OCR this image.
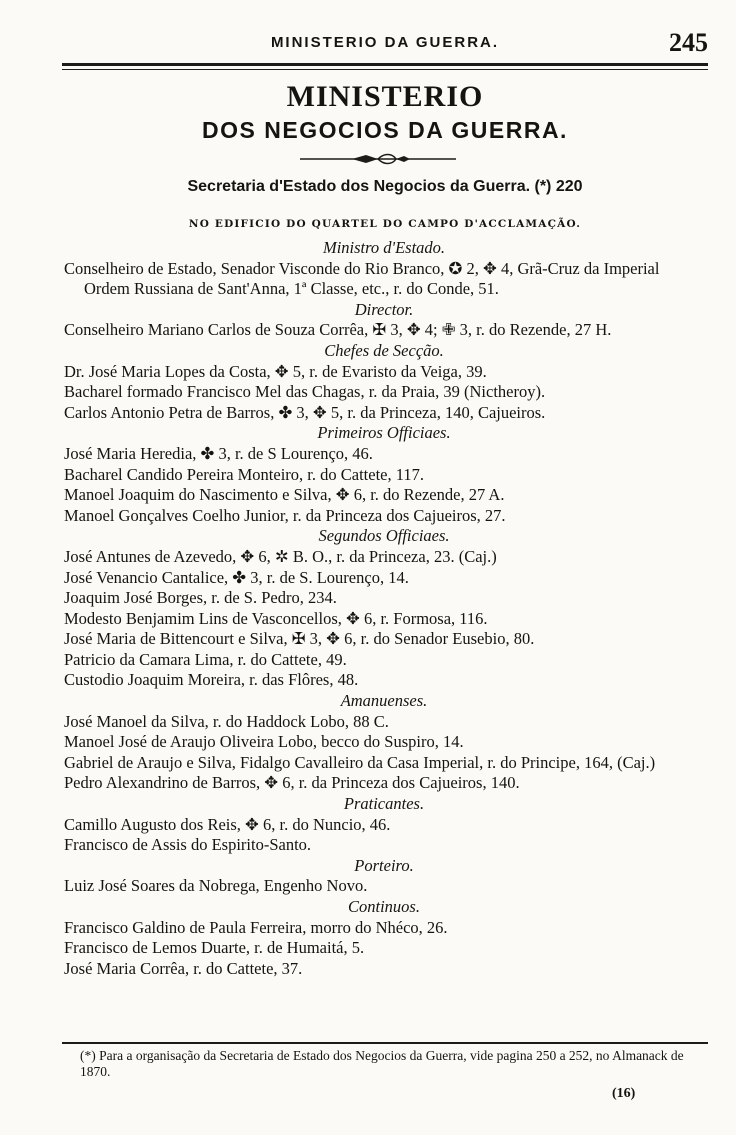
MINISTERIO DA GUERRA.	245
MINISTERIO
DOS NEGOCIOS DA GUERRA.
Secretaria d'Estado dos Negocios da Guerra. (*) 220
NO EDIFICIO DO QUARTEL DO CAMPO D'ACCLAMAÇÃO.
Ministro d'Estado.
Conselheiro de Estado, Senador Visconde do Rio Branco, ✪ 2, ✥ 4, Grã-Cruz da Imperial Ordem Russiana de Sant'Anna, 1ª Classe, etc., r. do Conde, 51.
Director.
Conselheiro Mariano Carlos de Souza Corrêa, ✠ 3, ✥ 4; ✙ 3, r. do Rezende, 27 H.
Chefes de Secção.
Dr. José Maria Lopes da Costa, ✥ 5, r. de Evaristo da Veiga, 39.
Bacharel formado Francisco Mel das Chagas, r. da Praia, 39 (Nictheroy).
Carlos Antonio Petra de Barros, ✤ 3, ✥ 5, r. da Princeza, 140, Cajueiros.
Primeiros Officiaes.
José Maria Heredia, ✤ 3, r. de S Lourenço, 46.
Bacharel Candido Pereira Monteiro, r. do Cattete, 117.
Manoel Joaquim do Nascimento e Silva, ✥ 6, r. do Rezende, 27 A.
Manoel Gonçalves Coelho Junior, r. da Princeza dos Cajueiros, 27.
Segundos Officiaes.
José Antunes de Azevedo, ✥ 6, ✲ B. O., r. da Princeza, 23. (Caj.)
José Venancio Cantalice, ✤ 3, r. de S. Lourenço, 14.
Joaquim José Borges, r. de S. Pedro, 234.
Modesto Benjamim Lins de Vasconcellos, ✥ 6, r. Formosa, 116.
José Maria de Bittencourt e Silva, ✠ 3, ✥ 6, r. do Senador Eusebio, 80.
Patricio da Camara Lima, r. do Cattete, 49.
Custodio Joaquim Moreira, r. das Flôres, 48.
Amanuenses.
José Manoel da Silva, r. do Haddock Lobo, 88 C.
Manoel José de Araujo Oliveira Lobo, becco do Suspiro, 14.
Gabriel de Araujo e Silva, Fidalgo Cavalleiro da Casa Imperial, r. do Principe, 164, (Caj.)
Pedro Alexandrino de Barros, ✥ 6, r. da Princeza dos Cajueiros, 140.
Praticantes.
Camillo Augusto dos Reis, ✥ 6, r. do Nuncio, 46.
Francisco de Assis do Espirito-Santo.
Porteiro.
Luiz José Soares da Nobrega, Engenho Novo.
Continuos.
Francisco Galdino de Paula Ferreira, morro do Nhéco, 26.
Francisco de Lemos Duarte, r. de Humaitá, 5.
José Maria Corrêa, r. do Cattete, 37.
(*) Para a organisação da Secretaria de Estado dos Negocios da Guerra, vide pagina 250 a 252, no Almanack de 1870.
(16)
